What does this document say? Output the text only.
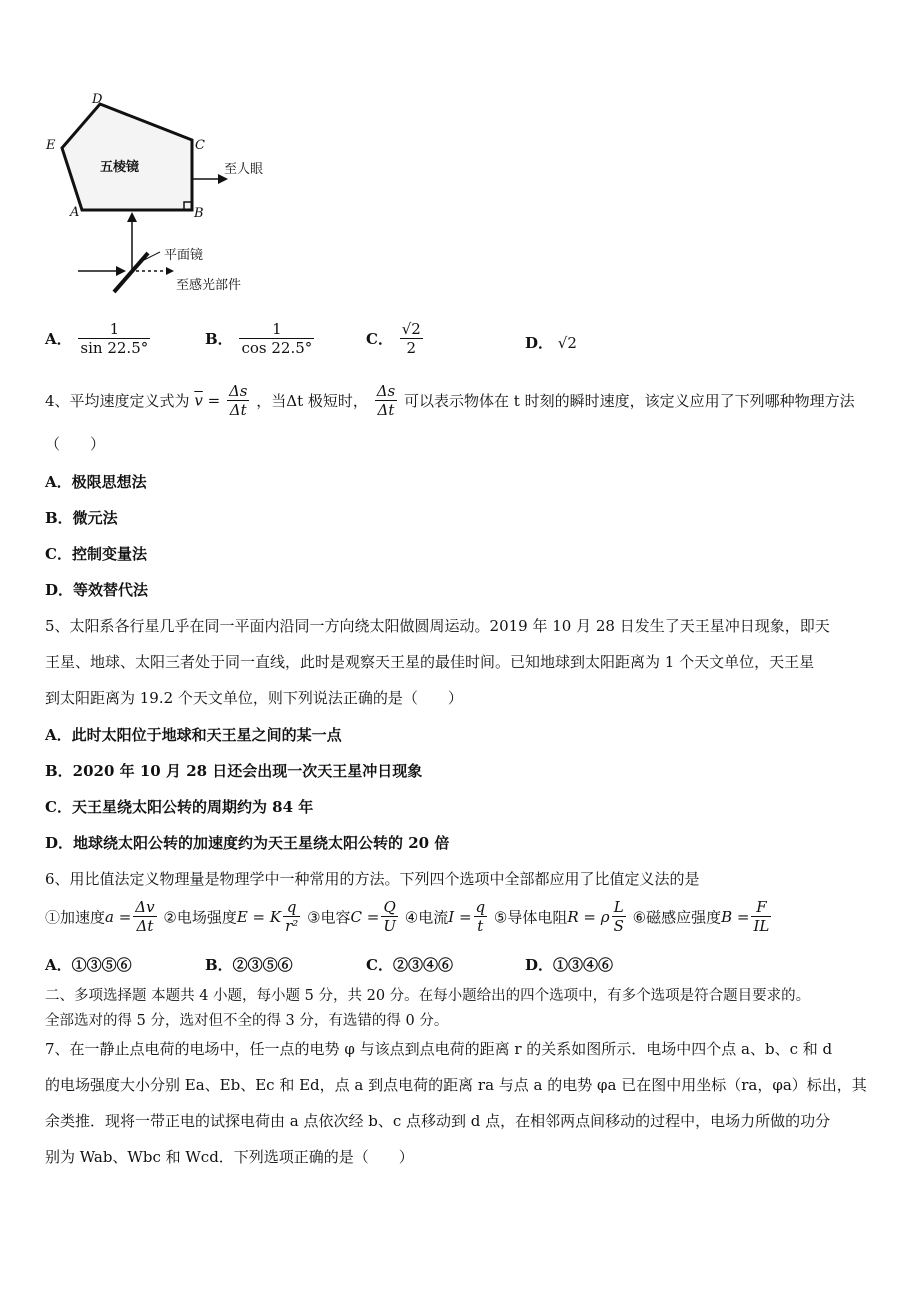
D
C
E
A	B
五棱镜	至人眼
平面镜
至感光部件
A． $\frac{1}{\sin 22.5^\circ}$	B． $\frac{1}{\cos 22.5^\circ}$	C． $\frac{√2}{2}$	D． √2
4、平均速度定义式为 $\overline{v} = \frac{\Delta s}{\Delta t}$ ，当Δt 极短时， $\frac{\Delta s}{\Delta t}$ 可以表示物体在 t 时刻的瞬时速度，该定义应用了下列哪种物理方法
（　　）
A．极限思想法
B．微元法
C．控制变量法
D．等效替代法
5、太阳系各行星几乎在同一平面内沿同一方向绕太阳做圆周运动。2019 年 10 月 28 日发生了天王星冲日现象，即天
王星、地球、太阳三者处于同一直线，此时是观察天王星的最佳时间。已知地球到太阳距离为 1 个天文单位，天王星
到太阳距离为 19.2 个天文单位，则下列说法正确的是（　　）
A．此时太阳位于地球和天王星之间的某一点
B．2020 年 10 月 28 日还会出现一次天王星冲日现象
C．天王星绕太阳公转的周期约为 84 年
D．地球绕太阳公转的加速度约为天王星绕太阳公转的 20 倍
6、用比值法定义物理量是物理学中一种常用的方法。下列四个选项中全部都应用了比值定义法的是
①加速度$a = \frac{\Delta v}{\Delta t}$ ②电场强度E = K $\frac{q}{\text{r²}}$ ③电容$C = \frac{Q}{U}$ ④电流$I = \frac{q}{t}$ ⑤导体电阻R = ρ $\frac{L}{S}$ ⑥磁感应强度$B = \frac{F}{IL}$
A．①③⑤⑥	B．②③⑤⑥	C．②③④⑥	D．①③④⑥
二、多项选择题 本题共 4 小题，每小题 5 分，共 20 分。在每小题给出的四个选项中，有多个选项是符合题目要求的。
全部选对的得 5 分，选对但不全的得 3 分，有选错的得 0 分。
7、在一静止点电荷的电场中，任一点的电势 φ 与该点到点电荷的距离 r 的关系如图所示．电场中四个点 a、b、c 和 d
的电场强度大小分别 Ea、Eb、Ec 和 Ed，点 a 到点电荷的距离 ra 与点 a 的电势 φa 已在图中用坐标（ra，φa）标出，其
余类推．现将一带正电的试探电荷由 a 点依次经 b、c 点移动到 d 点，在相邻两点间移动的过程中，电场力所做的功分
别为 Wab、Wbc 和 Wcd．下列选项正确的是（　　）
